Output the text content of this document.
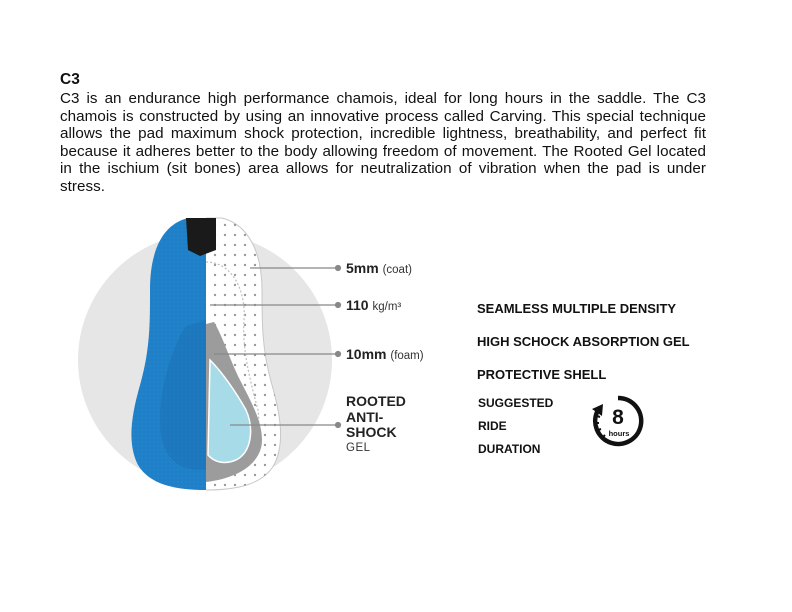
C3
C3 is an endurance high performance chamois, ideal for long hours in the saddle. The C3 chamois is constructed by using an innovative process called Carving. This special technique allows the pad maximum shock protection, incredible lightness, breathability, and perfect fit because it adheres better to the body allowing freedom of movement. The Rooted Gel located in the ischium (sit bones) area allows for neutralization of vibration when the pad is under stress.
5mm (coat)
110 kg/m³
10mm (foam)
ROOTED
ANTI-
SHOCK
GEL
SEAMLESS MULTIPLE DENSITY
HIGH SCHOCK ABSORPTION GEL
PROTECTIVE SHELL
SUGGESTED
RIDE
DURATION
8
hours
